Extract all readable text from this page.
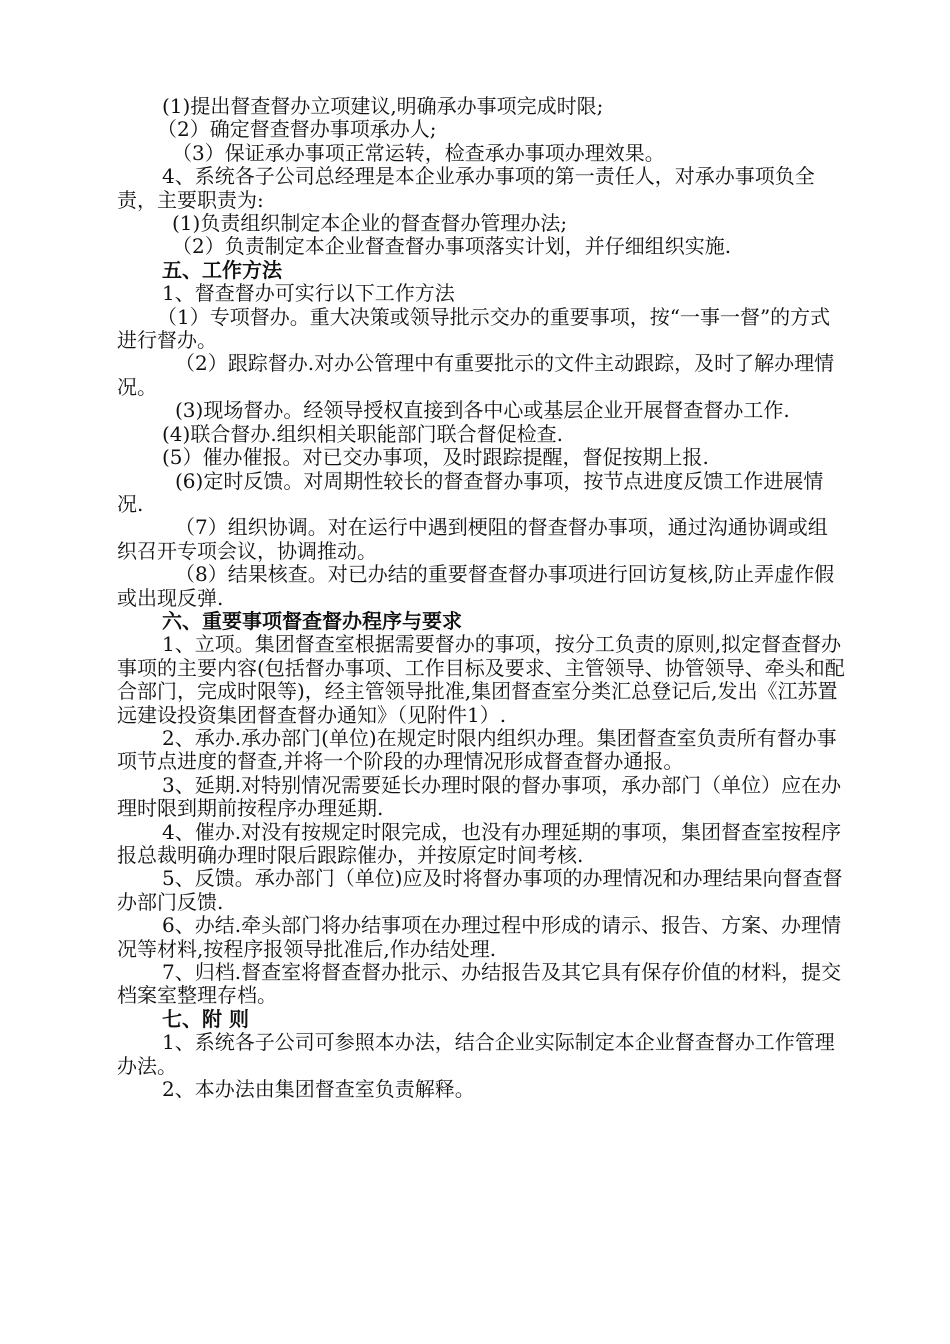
(1)提出督查督办立项建议,明确承办事项完成时限;

（2）确定督查督办事项承办人;

（3）保证承办事项正常运转，检查承办事项办理效果。

4、系统各子公司总经理是本企业承办事项的第一责任人，对承办事项负全责，主要职责为:

(1)负责组织制定本企业的督查督办管理办法;

（2）负责制定本企业督查督办事项落实计划，并仔细组织实施.

五、工作方法

1、督查督办可实行以下工作方法

（1）专项督办。重大决策或领导批示交办的重要事项，按“一事一督”的方式进行督办。

（2）跟踪督办.对办公管理中有重要批示的文件主动跟踪，及时了解办理情况。

(3)现场督办。经领导授权直接到各中心或基层企业开展督查督办工作.

(4)联合督办.组织相关职能部门联合督促检查.

(5）催办催报。对已交办事项，及时跟踪提醒，督促按期上报.

(6)定时反馈。对周期性较长的督查督办事项，按节点进度反馈工作进展情况.

（7）组织协调。对在运行中遇到梗阻的督查督办事项，通过沟通协调或组织召开专项会议，协调推动。

（8）结果核查。对已办结的重要督查督办事项进行回访复核,防止弄虚作假或出现反弹.

六、重要事项督查督办程序与要求

1、立项。集团督查室根据需要督办的事项，按分工负责的原则,拟定督查督办事项的主要内容(包括督办事项、工作目标及要求、主管领导、协管领导、牵头和配合部门，完成时限等)，经主管领导批准,集团督查室分类汇总登记后,发出《江苏置远建设投资集团督查督办通知》（见附件1）.

2、承办.承办部门(单位)在规定时限内组织办理。集团督查室负责所有督办事项节点进度的督查,并将一个阶段的办理情况形成督查督办通报。

3、延期.对特别情况需要延长办理时限的督办事项，承办部门（单位）应在办理时限到期前按程序办理延期.

4、催办.对没有按规定时限完成，也没有办理延期的事项，集团督查室按程序报总裁明确办理时限后跟踪催办，并按原定时间考核.

5、反馈。承办部门（单位)应及时将督办事项的办理情况和办理结果向督查督办部门反馈.

6、办结.牵头部门将办结事项在办理过程中形成的请示、报告、方案、办理情况等材料,按程序报领导批准后,作办结处理.

7、归档.督查室将督查督办批示、办结报告及其它具有保存价值的材料，提交档案室整理存档。

七、附 则

1、系统各子公司可参照本办法，结合企业实际制定本企业督查督办工作管理办法。

2、本办法由集团督查室负责解释。
